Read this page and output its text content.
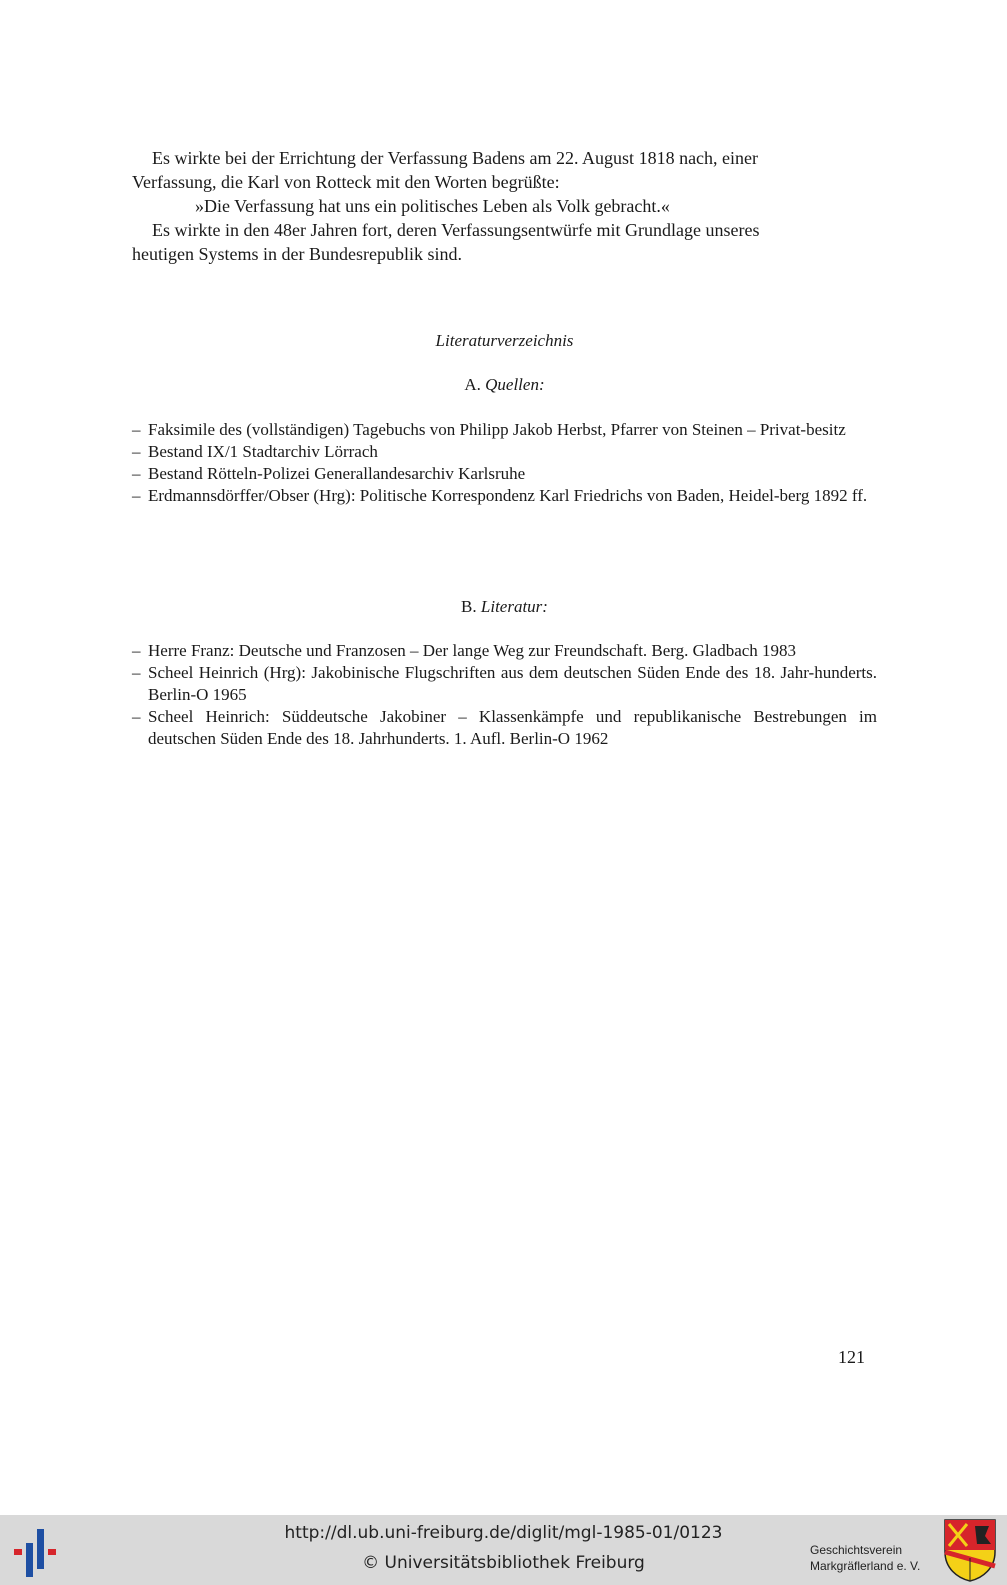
Es wirkte bei der Errichtung der Verfassung Badens am 22. August 1818 nach, einer

Verfassung, die Karl von Rotteck mit den Worten begrüßte:

»Die Verfassung hat uns ein politisches Leben als Volk gebracht.«

Es wirkte in den 48er Jahren fort, deren Verfassungsentwürfe mit Grundlage unseres

heutigen Systems in der Bundesrepublik sind.

Literaturverzeichnis
A. Quellen:
– Faksimile des (vollständigen) Tagebuchs von Philipp Jakob Herbst, Pfarrer von Steinen – Privat-besitz
– Bestand IX/1 Stadtarchiv Lörrach
– Bestand Rötteln-Polizei Generallandesarchiv Karlsruhe
– Erdmannsdörffer/Obser (Hrg): Politische Korrespondenz Karl Friedrichs von Baden, Heidel-berg 1892 ff.
B. Literatur:
– Herre Franz: Deutsche und Franzosen – Der lange Weg zur Freundschaft. Berg. Gladbach 1983
– Scheel Heinrich (Hrg): Jakobinische Flugschriften aus dem deutschen Süden Ende des 18. Jahr-hunderts. Berlin-O 1965
– Scheel Heinrich: Süddeutsche Jakobiner – Klassenkämpfe und republikanische Bestrebungen im deutschen Süden Ende des 18. Jahrhunderts. 1. Aufl. Berlin-O 1962
121
http://dl.ub.uni-freiburg.de/diglit/mgl-1985-01/0123
© Universitätsbibliothek Freiburg
Geschichtsverein
Markgräflerland e. V.
